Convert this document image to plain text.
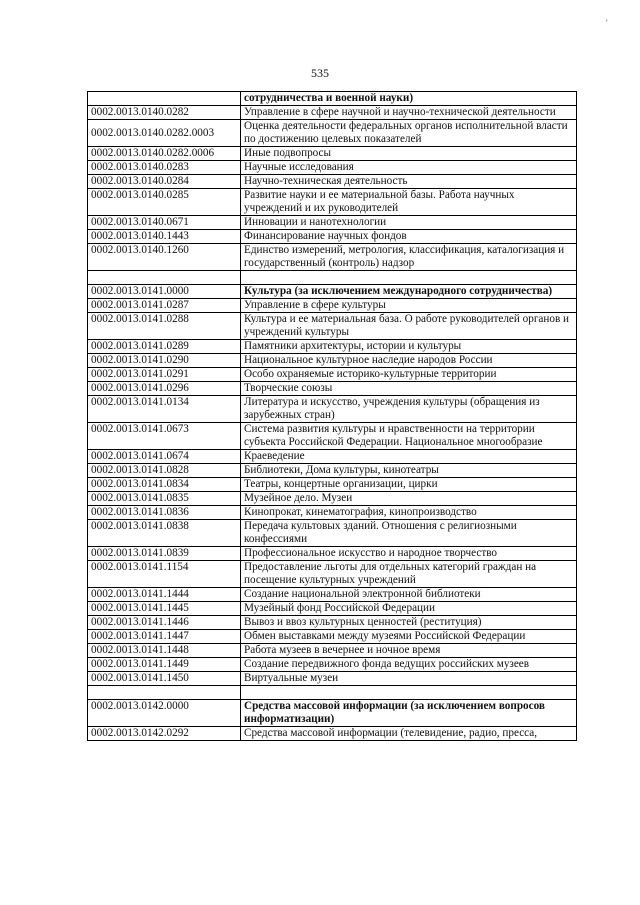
'
535
	сотрудничества и военной науки)
0002.0013.0140.0282	Управление в сфере научной и научно-технической деятельности
0002.0013.0140.0282.0003	Оценка деятельности федеральных органов исполнительной власти по достижению целевых показателей
0002.0013.0140.0282.0006	Иные подвопросы
0002.0013.0140.0283	Научные исследования
0002.0013.0140.0284	Научно-техническая деятельность
0002.0013.0140.0285	Развитие науки и ее материальной базы. Работа научных учреждений и их руководителей
0002.0013.0140.0671	Инновации и нанотехнологии
0002.0013.0140.1443	Финансирование научных фондов
0002.0013.0140.1260	Единство измерений, метрология, классификация, каталогизация и государственный (контроль) надзор

0002.0013.0141.0000	Культура (за исключением международного сотрудничества)
0002.0013.0141.0287	Управление в сфере культуры
0002.0013.0141.0288	Культура и ее материальная база. О работе руководителей органов и учреждений культуры
0002.0013.0141.0289	Памятники архитектуры, истории и культуры
0002.0013.0141.0290	Национальное культурное наследие народов России
0002.0013.0141.0291	Особо охраняемые историко-культурные территории
0002.0013.0141.0296	Творческие союзы
0002.0013.0141.0134	Литература и искусство, учреждения культуры (обращения из зарубежных стран)
0002.0013.0141.0673	Система развития культуры и нравственности на территории субъекта Российской Федерации. Национальное многообразие
0002.0013.0141.0674	Краеведение
0002.0013.0141.0828	Библиотеки, Дома культуры, кинотеатры
0002.0013.0141.0834	Театры, концертные организации, цирки
0002.0013.0141.0835	Музейное дело. Музеи
0002.0013.0141.0836	Кинопрокат, кинематография, кинопроизводство
0002.0013.0141.0838	Передача культовых зданий. Отношения с религиозными конфессиями
0002.0013.0141.0839	Профессиональное искусство и народное творчество
0002.0013.0141.1154	Предоставление льготы для отдельных категорий граждан на посещение культурных учреждений
0002.0013.0141.1444	Создание национальной электронной библиотеки
0002.0013.0141.1445	Музейный фонд Российской Федерации
0002.0013.0141.1446	Вывоз и ввоз культурных ценностей (реституция)
0002.0013.0141.1447	Обмен выставками между музеями Российской Федерации
0002.0013.0141.1448	Работа музеев в вечернее и ночное время
0002.0013.0141.1449	Создание передвижного фонда ведущих российских музеев
0002.0013.0141.1450	Виртуальные музеи

0002.0013.0142.0000	Средства массовой информации (за исключением вопросов информатизации)
0002.0013.0142.0292	Средства массовой информации (телевидение, радио, пресса,
